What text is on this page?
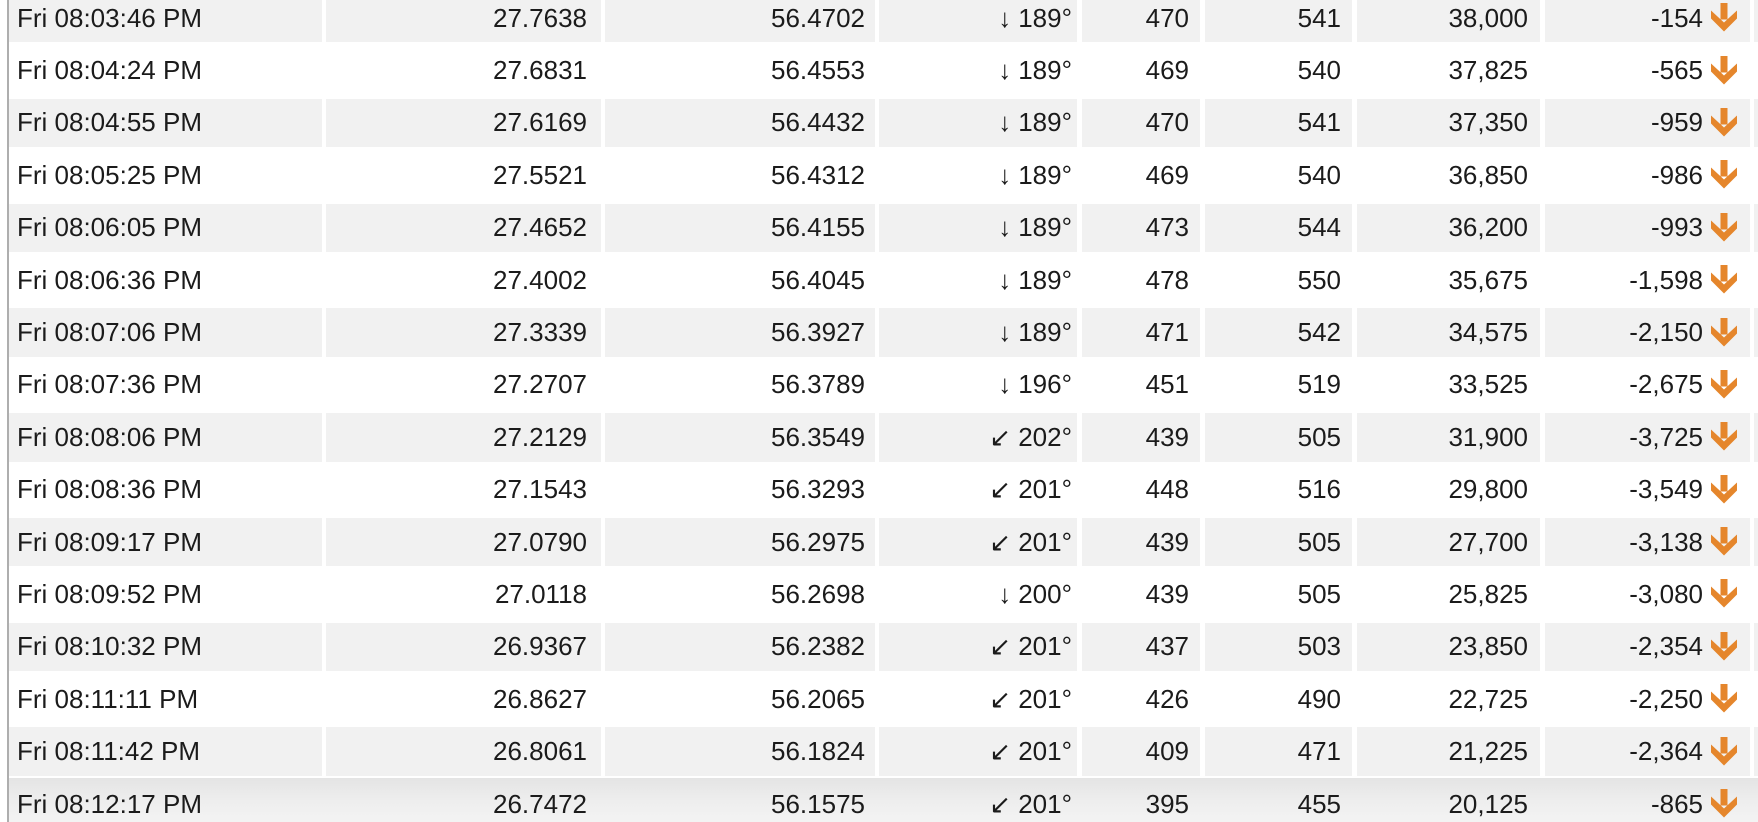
Fri 08:03:46 PM	27.7638	56.4702	↓ 189°	470	541	38,000	-154
Fri 08:04:24 PM	27.6831	56.4553	↓ 189°	469	540	37,825	-565
Fri 08:04:55 PM	27.6169	56.4432	↓ 189°	470	541	37,350	-959
Fri 08:05:25 PM	27.5521	56.4312	↓ 189°	469	540	36,850	-986
Fri 08:06:05 PM	27.4652	56.4155	↓ 189°	473	544	36,200	-993
Fri 08:06:36 PM	27.4002	56.4045	↓ 189°	478	550	35,675	-1,598
Fri 08:07:06 PM	27.3339	56.3927	↓ 189°	471	542	34,575	-2,150
Fri 08:07:36 PM	27.2707	56.3789	↓ 196°	451	519	33,525	-2,675
Fri 08:08:06 PM	27.2129	56.3549	↙ 202°	439	505	31,900	-3,725
Fri 08:08:36 PM	27.1543	56.3293	↙ 201°	448	516	29,800	-3,549
Fri 08:09:17 PM	27.0790	56.2975	↙ 201°	439	505	27,700	-3,138
Fri 08:09:52 PM	27.0118	56.2698	↓ 200°	439	505	25,825	-3,080
Fri 08:10:32 PM	26.9367	56.2382	↙ 201°	437	503	23,850	-2,354
Fri 08:11:11 PM	26.8627	56.2065	↙ 201°	426	490	22,725	-2,250
Fri 08:11:42 PM	26.8061	56.1824	↙ 201°	409	471	21,225	-2,364
Fri 08:12:17 PM	26.7472	56.1575	↙ 201°	395	455	20,125	-865
